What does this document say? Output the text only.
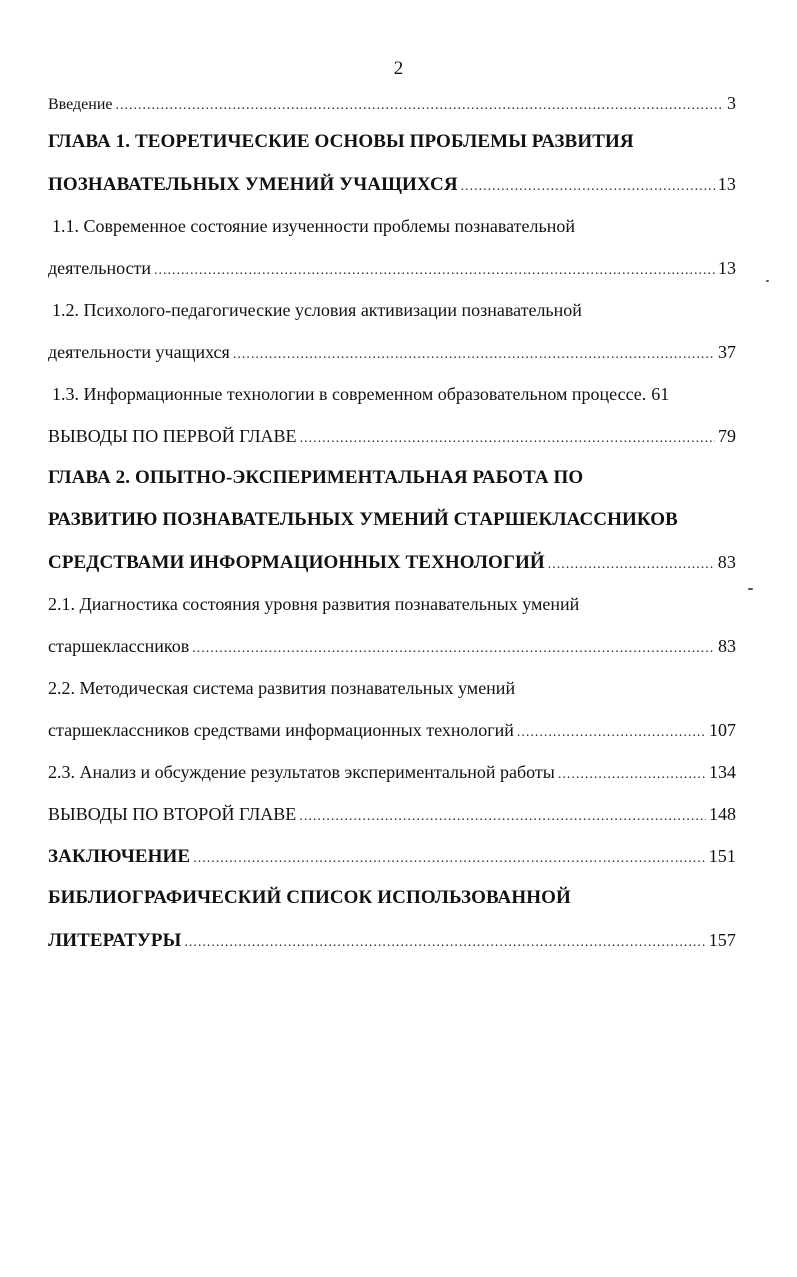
2
Введение .....	3
ГЛАВА 1. ТЕОРЕТИЧЕСКИЕ ОСНОВЫ ПРОБЛЕМЫ РАЗВИТИЯ
ПОЗНАВАТЕЛЬНЫХ УМЕНИЙ УЧАЩИХСЯ .....	13
1.1. Современное состояние изученности проблемы познавательной
деятельности .....	13
1.2. Психолого-педагогические условия активизации познавательной
деятельности учащихся .....	37
1.3. Информационные технологии в современном образовательном процессе. 61
ВЫВОДЫ ПО ПЕРВОЙ ГЛАВЕ .....	79
ГЛАВА 2. ОПЫТНО-ЭКСПЕРИМЕНТАЛЬНАЯ РАБОТА ПО
РАЗВИТИЮ ПОЗНАВАТЕЛЬНЫХ УМЕНИЙ СТАРШЕКЛАССНИКОВ
СРЕДСТВАМИ ИНФОРМАЦИОННЫХ ТЕХНОЛОГИЙ .....	83
2.1. Диагностика состояния уровня развития познавательных умений
старшеклассников .....	83
2.2. Методическая система развития познавательных умений
старшеклассников средствами информационных технологий .....	107
2.3. Анализ и обсуждение результатов экспериментальной работы .....	134
ВЫВОДЫ ПО ВТОРОЙ ГЛАВЕ .....	148
ЗАКЛЮЧЕНИЕ .....	151
БИБЛИОГРАФИЧЕСКИЙ СПИСОК ИСПОЛЬЗОВАННОЙ
ЛИТЕРАТУРЫ .....	157
